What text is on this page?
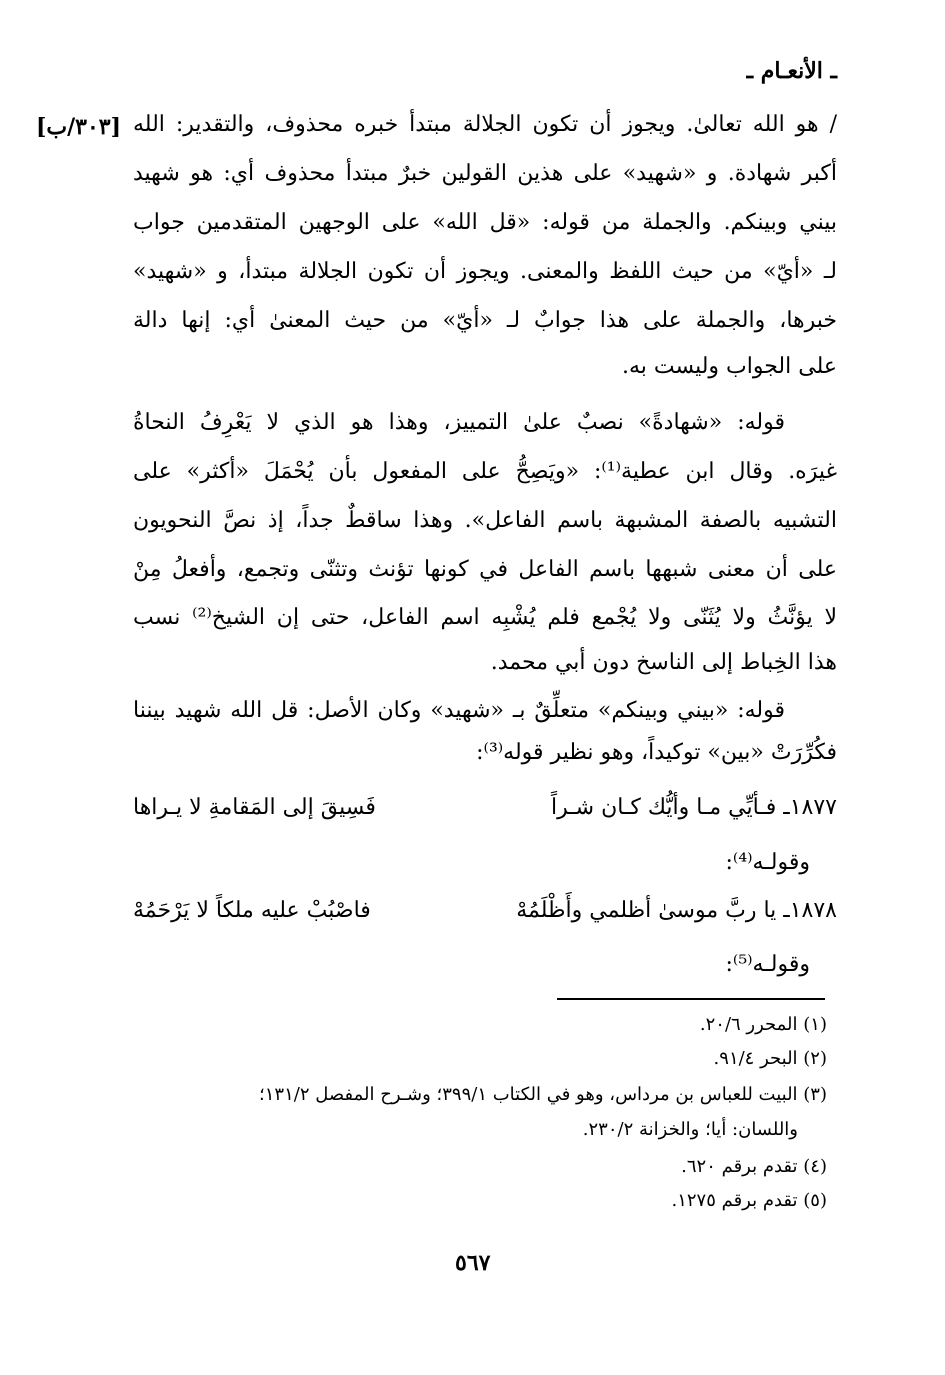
ـ الأنعـام ـ
[٣٠٣/ب] / هو الله تعالىٰ. ويجوز أن تكون الجلالة مبتدأ خبره محذوف، والتقدير: الله
أكبر شهادة. و «شهيد» على هذين القولين خبرٌ مبتدأ محذوف أي: هو شهيد
بيني وبينكم. والجملة من قوله: «قل الله» على الوجهين المتقدمين جواب
لـ «أيّ» من حيث اللفظ والمعنى. ويجوز أن تكون الجلالة مبتدأ، و «شهيد»
خبرها، والجملة على هذا جوابٌ لـ «أيّ» من حيث المعنىٰ أي: إنها دالة
على الجواب وليست به.
قوله: «شهادةً» نصبٌ علىٰ التمييز، وهذا هو الذي لا يَعْرِفُ النحاةُ
غيرَه. وقال ابن عطية⁽¹⁾: «ويَصِحُّ على المفعول بأن يُحْمَلَ «أكثر» على
التشبيه بالصفة المشبهة باسم الفاعل». وهذا ساقطٌ جداً، إذ نصَّ النحويون
على أن معنى شبهها باسم الفاعل في كونها تؤنث وتثنّى وتجمع، وأفعلُ مِنْ
لا يؤنَّثُ ولا يُثَنّى ولا يُجْمع فلم يُشْبِه اسم الفاعل، حتى إن الشيخ⁽²⁾ نسب
هذا الخِباط إلى الناسخ دون أبي محمد.
قوله: «بيني وبينكم» متعلِّقٌ بـ «شهيد» وكان الأصل: قل الله شهيد بيننا
فكُرِّرَتْ «بين» توكيداً، وهو نظير قوله⁽³⁾:
١٨٧٧ـ فـأيِّي مـا وأيُّك كـان شـراً
فَسِيقَ إلى المَقامةِ لا يـراها
وقولـه⁽⁴⁾:
١٨٧٨ـ يا ربَّ موسىٰ أظلمي وأَظْلَمُهْ
فاصْبُبْ عليه ملكاً لا يَرْحَمُهْ
وقولـه⁽⁵⁾:
(١) المحرر ٢٠/٦.
(٢) البحر ٩١/٤.
(٣) البيت للعباس بن مرداس، وهو في الكتاب ٣٩٩/١؛ وشـرح المفصل ١٣١/٢؛
واللسان: أيا؛ والخزانة ٢٣٠/٢.
(٤) تقدم برقم ٦٢٠.
(٥) تقدم برقم ١٢٧٥.
٥٦٧
